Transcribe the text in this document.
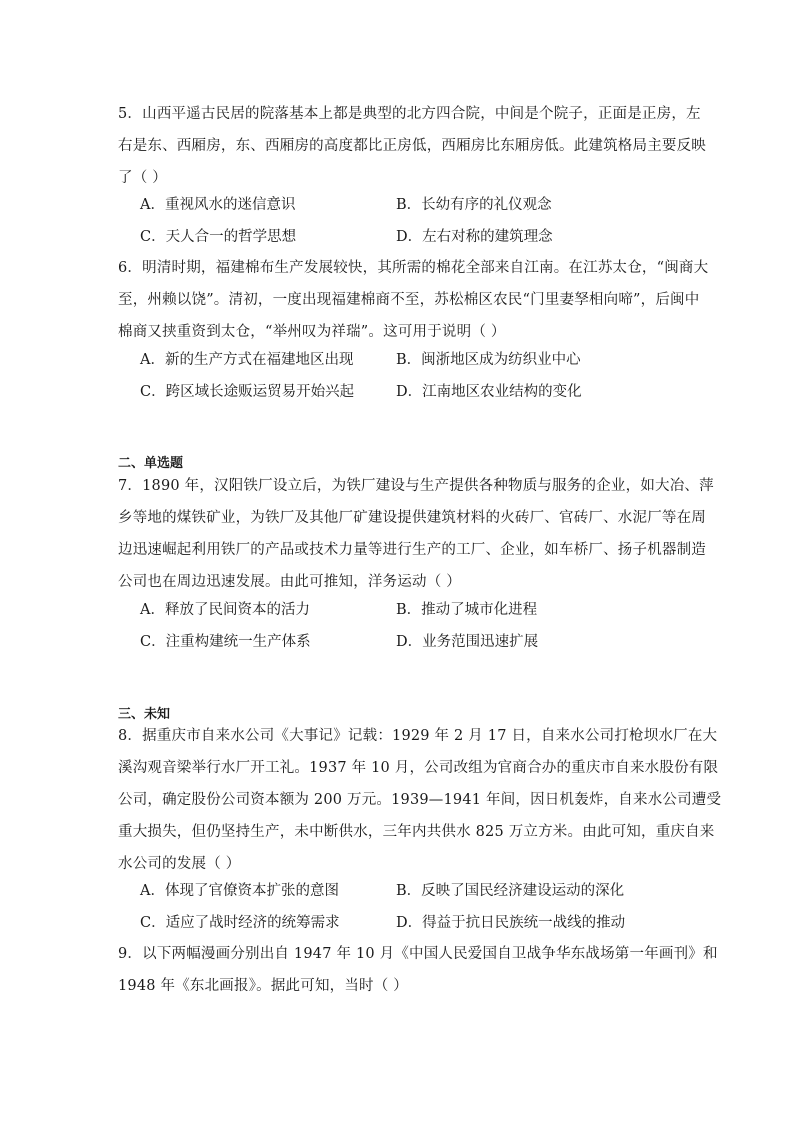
5．山西平遥古民居的院落基本上都是典型的北方四合院，中间是个院子，正面是正房，左
右是东、西厢房，东、西厢房的高度都比正房低，西厢房比东厢房低。此建筑格局主要反映
了（ ）
A．重视风水的迷信意识	B．长幼有序的礼仪观念
C．天人合一的哲学思想	D．左右对称的建筑理念
6．明清时期，福建棉布生产发展较快，其所需的棉花全部来自江南。在江苏太仓，“闽商大
至，州赖以饶”。清初，一度出现福建棉商不至，苏松棉区农民“门里妻孥相向啼”，后闽中
棉商又挟重资到太仓，“举州叹为祥瑞”。这可用于说明（ ）
A．新的生产方式在福建地区出现	B．闽浙地区成为纺织业中心
C．跨区域长途贩运贸易开始兴起	D．江南地区农业结构的变化
二、单选题
7．1890 年，汉阳铁厂设立后，为铁厂建设与生产提供各种物质与服务的企业，如大冶、萍
乡等地的煤铁矿业，为铁厂及其他厂矿建设提供建筑材料的火砖厂、官砖厂、水泥厂等在周
边迅速崛起利用铁厂的产品或技术力量等进行生产的工厂、企业，如车桥厂、扬子机器制造
公司也在周边迅速发展。由此可推知，洋务运动（ ）
A．释放了民间资本的活力	B．推动了城市化进程
C．注重构建统一生产体系	D．业务范围迅速扩展
三、未知
8．据重庆市自来水公司《大事记》记载：1929 年 2 月 17 日，自来水公司打枪坝水厂在大
溪沟观音梁举行水厂开工礼。1937 年 10 月，公司改组为官商合办的重庆市自来水股份有限
公司，确定股份公司资本额为 200 万元。1939—1941 年间，因日机轰炸，自来水公司遭受
重大损失，但仍坚持生产，未中断供水，三年内共供水 825 万立方米。由此可知，重庆自来
水公司的发展（ ）
A．体现了官僚资本扩张的意图	B．反映了国民经济建设运动的深化
C．适应了战时经济的统筹需求	D．得益于抗日民族统一战线的推动
9．以下两幅漫画分别出自 1947 年 10 月《中国人民爱国自卫战争华东战场第一年画刊》和
1948 年《东北画报》。据此可知，当时（ ）
